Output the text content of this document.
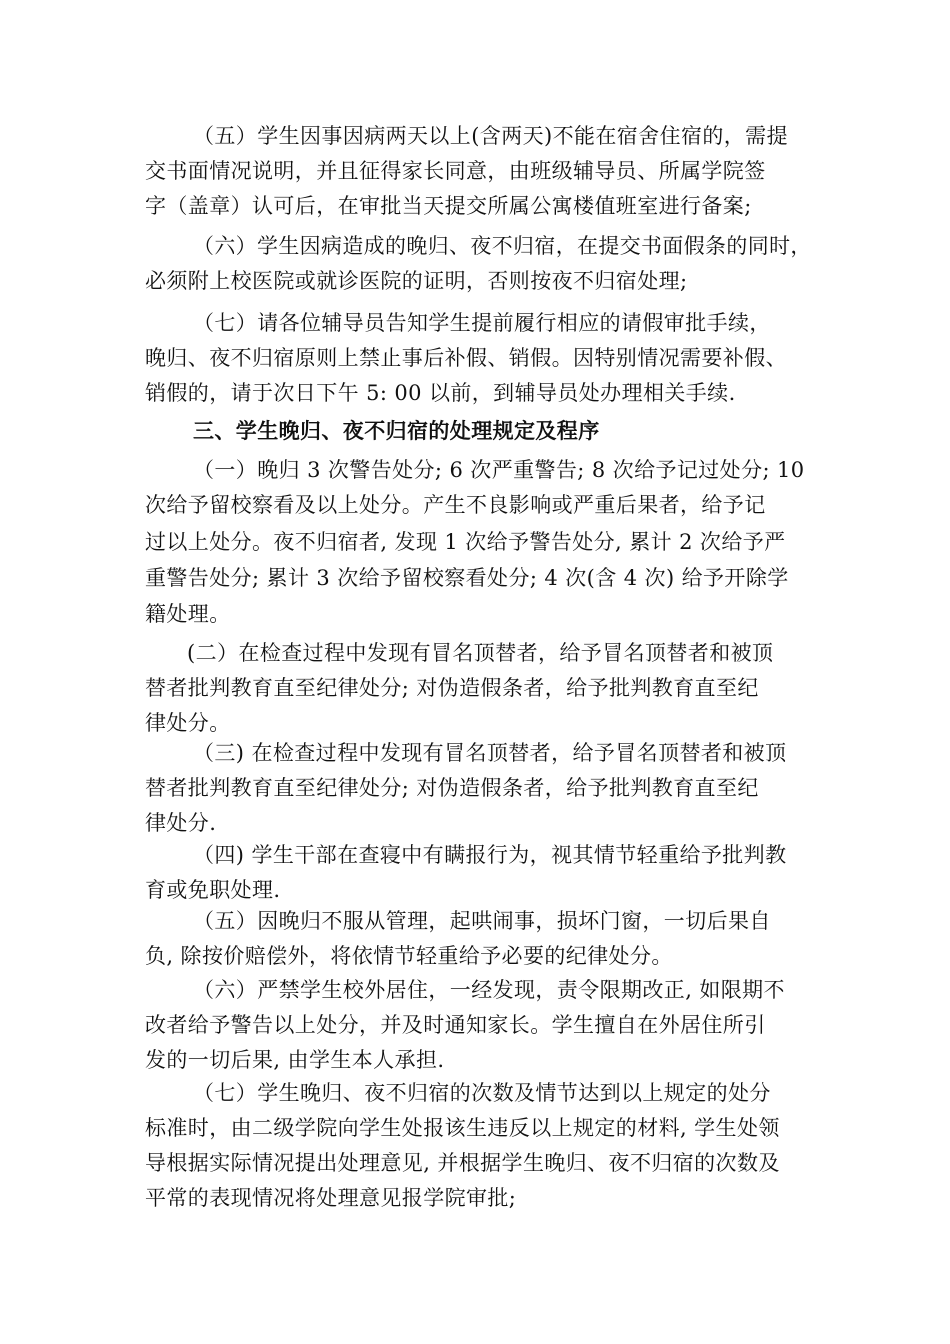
（五）学生因事因病两天以上(含两天)不能在宿舍住宿的，需提
交书面情况说明，并且征得家长同意，由班级辅导员、所属学院签
字（盖章）认可后，在审批当天提交所属公寓楼值班室进行备案;
（六）学生因病造成的晚归、夜不归宿，在提交书面假条的同时，
必须附上校医院或就诊医院的证明，否则按夜不归宿处理;
（七）请各位辅导员告知学生提前履行相应的请假审批手续，
晚归、夜不归宿原则上禁止事后补假、销假。因特别情况需要补假、
销假的，请于次日下午 5: 00 以前，到辅导员处办理相关手续.
三、学生晚归、夜不归宿的处理规定及程序
（一）晚归 3 次警告处分; 6 次严重警告; 8 次给予记过处分; 10
次给予留校察看及以上处分。产生不良影响或严重后果者，给予记
过以上处分。夜不归宿者, 发现 1 次给予警告处分, 累计 2 次给予严
重警告处分; 累计 3 次给予留校察看处分; 4 次(含 4 次) 给予开除学
籍处理。
(二）在检查过程中发现有冒名顶替者，给予冒名顶替者和被顶
替者批判教育直至纪律处分; 对伪造假条者，给予批判教育直至纪
律处分。
（三) 在检查过程中发现有冒名顶替者，给予冒名顶替者和被顶
替者批判教育直至纪律处分; 对伪造假条者，给予批判教育直至纪
律处分.
（四) 学生干部在查寝中有瞒报行为，视其情节轻重给予批判教
育或免职处理.
（五）因晚归不服从管理，起哄闹事，损坏门窗，一切后果自
负, 除按价赔偿外，将依情节轻重给予必要的纪律处分。
（六）严禁学生校外居住，一经发现，责令限期改正, 如限期不
改者给予警告以上处分，并及时通知家长。学生擅自在外居住所引
发的一切后果, 由学生本人承担.
（七）学生晚归、夜不归宿的次数及情节达到以上规定的处分
标准时，由二级学院向学生处报该生违反以上规定的材料, 学生处领
导根据实际情况提出处理意见, 并根据学生晚归、夜不归宿的次数及
平常的表现情况将处理意见报学院审批;
